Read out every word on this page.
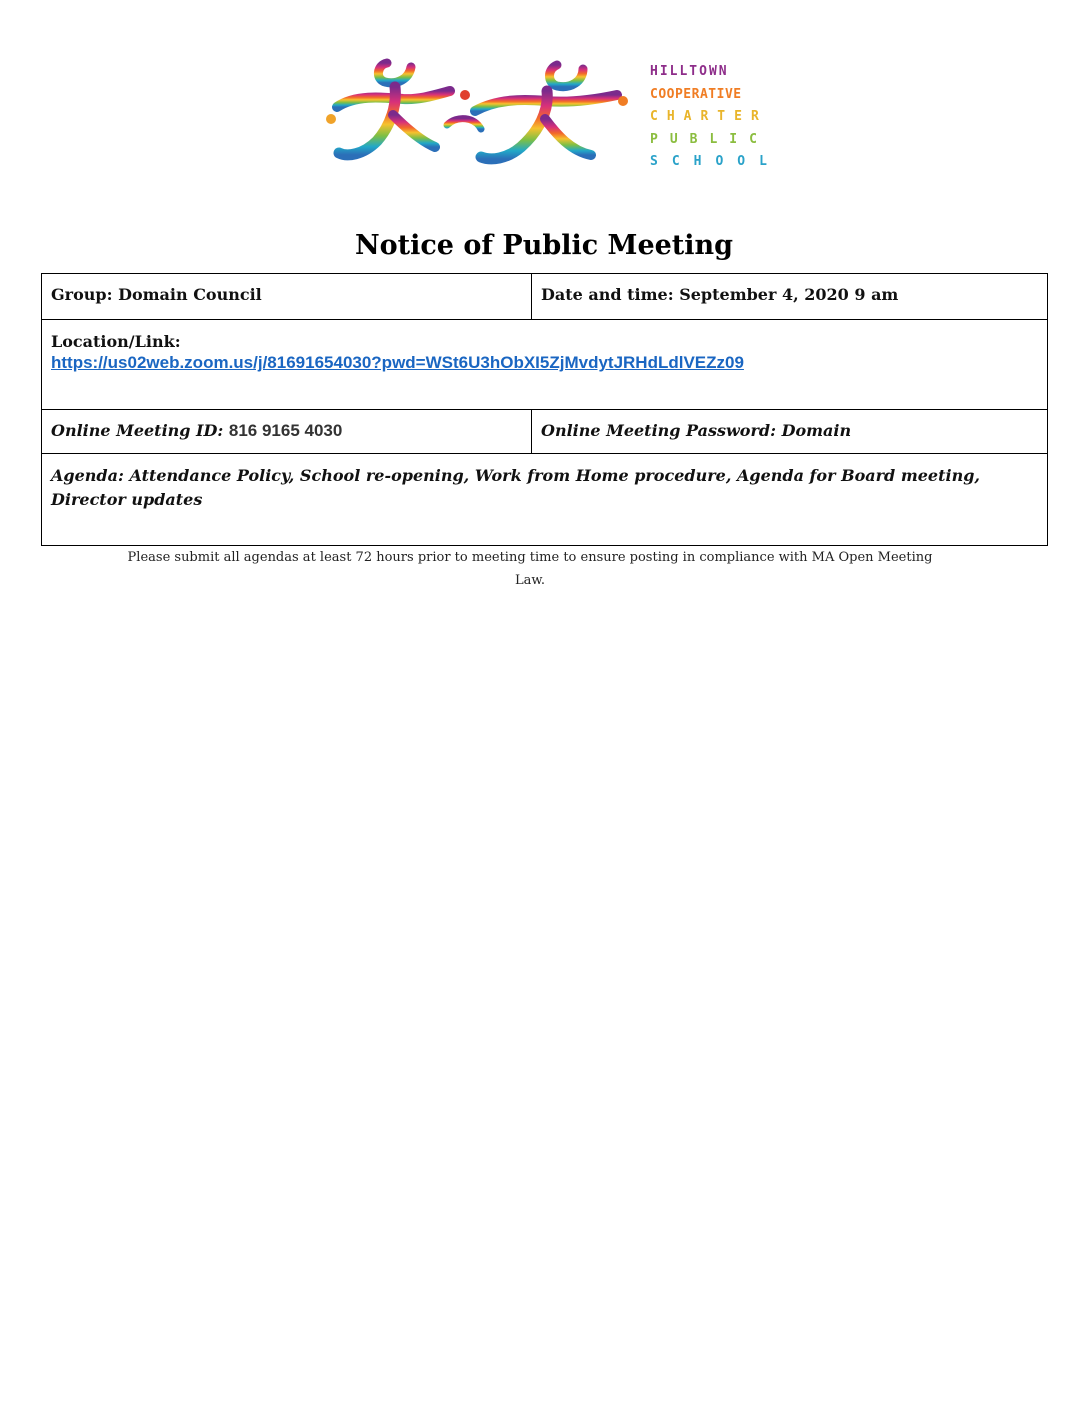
HILLTOWN
COOPERATIVE
CHARTER
PUBLIC
SCHOOL
Notice of Public Meeting
Group: Domain Council	Date and time: September 4, 2020 9 am
Location/Link:
https://us02web.zoom.us/j/81691654030?pwd=WSt6U3hObXI5ZjMvdytJRHdLdlVEZz09	

Online Meeting ID: 816 9165 4030	Online Meeting Password: Domain
Agenda: Attendance Policy, School re-opening, Work from Home procedure, Agenda for Board meeting, Director updates	
Please submit all agendas at least 72 hours prior to meeting time to ensure posting in compliance with MA Open Meeting
Law.
